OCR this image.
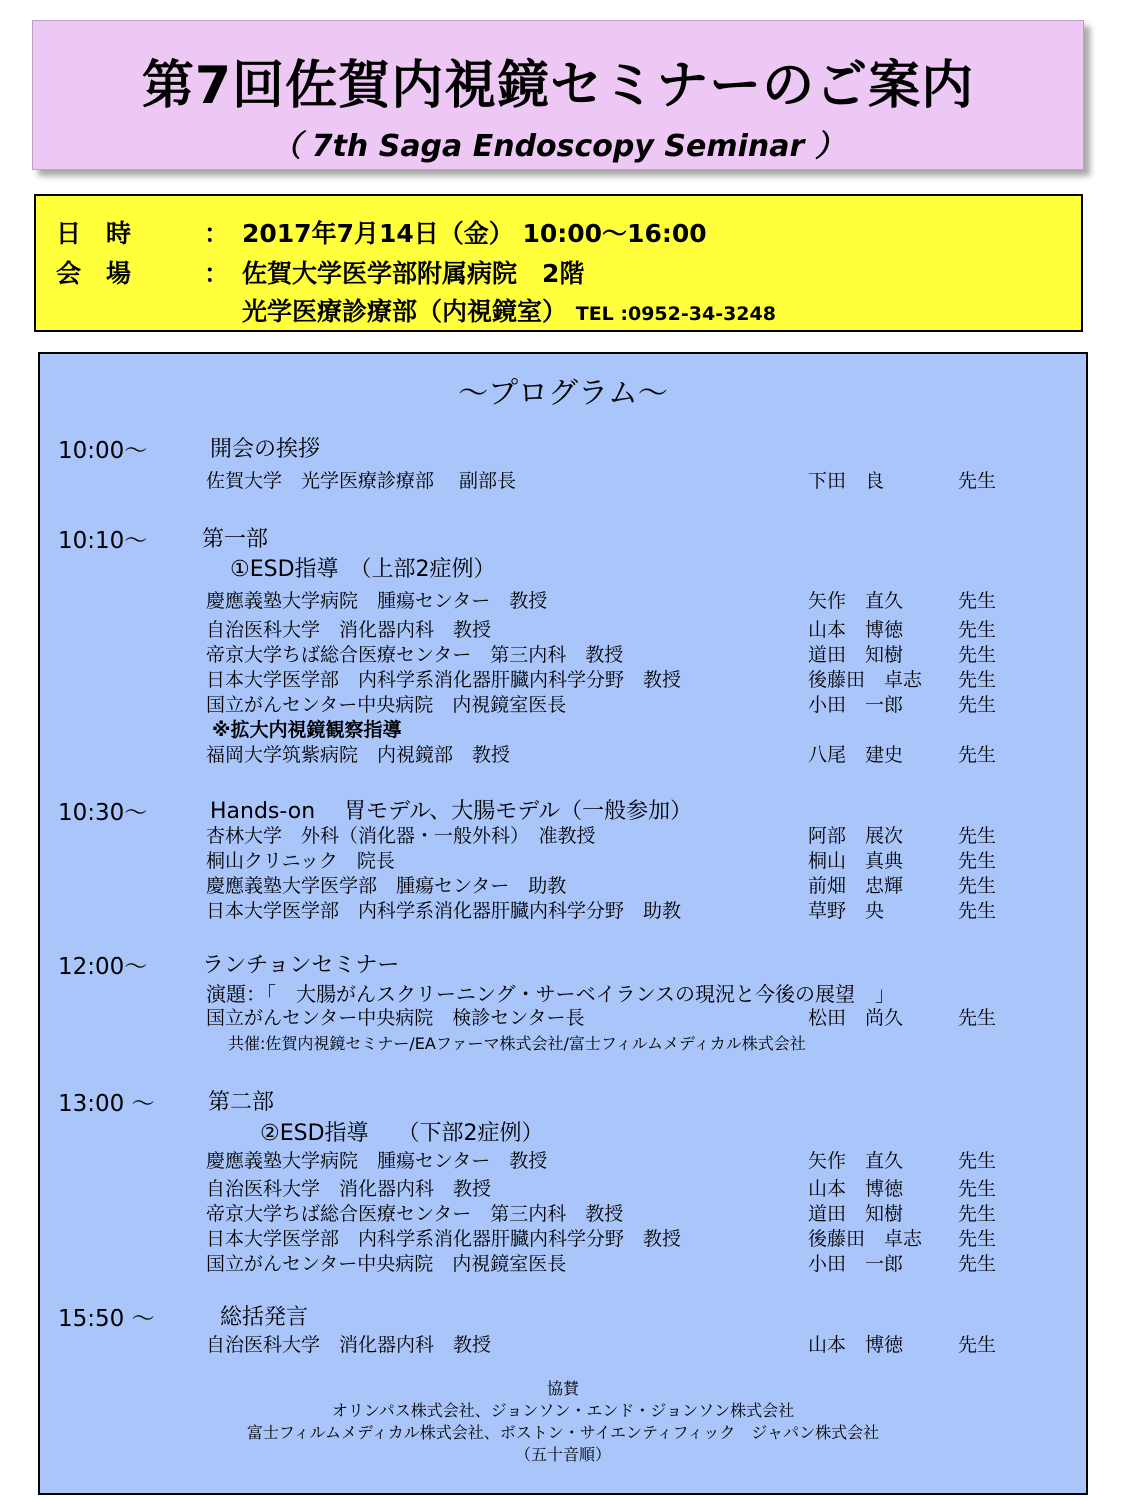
第7回佐賀内視鏡セミナーのご案内
（ 7th Saga Endoscopy Seminar ）
日　時	： 2017年7月14日（金） 10:00～16:00
会　場	： 佐賀大学医学部附属病院　2階
光学医療診療部（内視鏡室） TEL :0952-34-3248
～プログラム～
10:00～	開会の挨拶
佐賀大学　光学医療診療部　 副部長	下田　良	先生
10:10～ 第一部
①ESD指導　（上部2症例）
慶應義塾大学病院　腫瘍センター　教授	矢作　直久	先生
自治医科大学　消化器内科　教授	山本　博徳	先生
帝京大学ちば総合医療センター　第三内科　教授	道田　知樹	先生
日本大学医学部　内科学系消化器肝臓内科学分野　教授	後藤田　卓志 先生
国立がんセンター中央病院　内視鏡室医長	小田　一郎	先生
※拡大内視鏡観察指導
福岡大学筑紫病院　内視鏡部　教授	八尾　建史	先生
10:30～	Hands-on　 胃モデル、大腸モデル（一般参加）
杏林大学　外科（消化器・一般外科）　准教授	阿部　展次	先生
桐山クリニック　院長	桐山　真典	先生
慶應義塾大学医学部　腫瘍センター　助教	前畑　忠輝	先生
日本大学医学部　内科学系消化器肝臓内科学分野　助教	草野　央	先生
12:00～ ランチョンセミナー
演題：「　大腸がんスクリーニング・サーベイランスの現況と今後の展望　」
国立がんセンター中央病院　検診センター長	松田　尚久	先生
共催:佐賀内視鏡セミナー/EAファーマ株式会社/富士フィルムメディカル株式会社
13:00 ～ 第二部
②ESD指導　 （下部2症例）
慶應義塾大学病院　腫瘍センター　教授	矢作　直久	先生
自治医科大学　消化器内科　教授	山本　博徳	先生
帝京大学ちば総合医療センター　第三内科　教授	道田　知樹	先生
日本大学医学部　内科学系消化器肝臓内科学分野　教授	後藤田　卓志 先生
国立がんセンター中央病院　内視鏡室医長	小田　一郎	先生
15:50 ～	総括発言
自治医科大学　消化器内科　教授	山本　博徳	先生
協賛
オリンパス株式会社、ジョンソン・エンド・ジョンソン株式会社
富士フィルムメディカル株式会社、ボストン・サイエンティフィック　ジャパン株式会社
（五十音順）
